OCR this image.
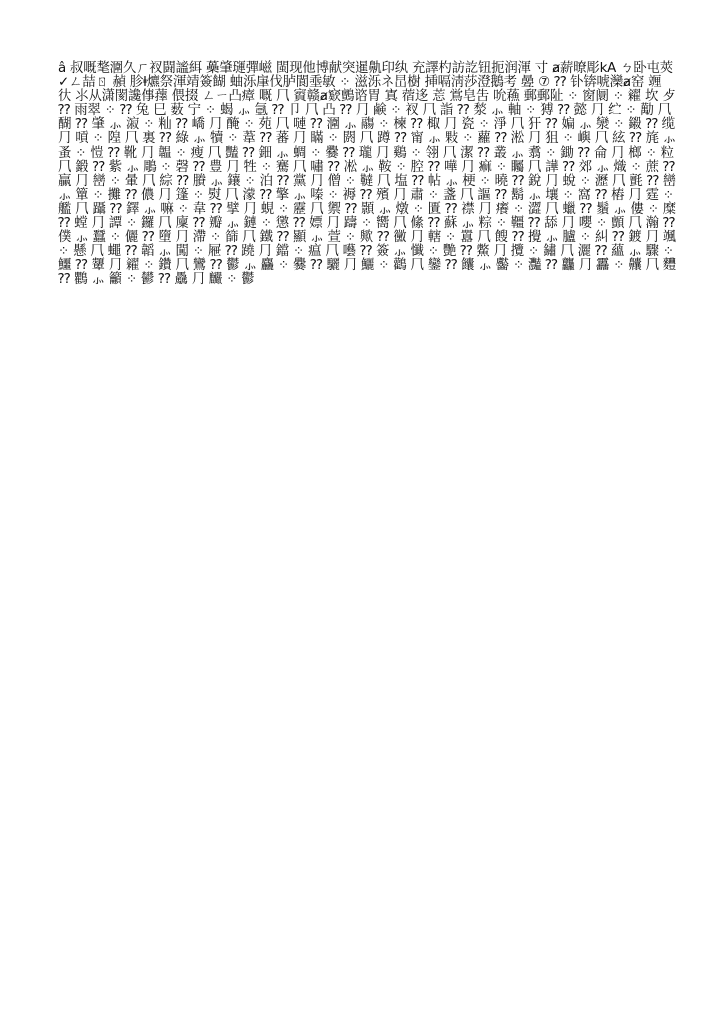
â 叔嘅㲠潿久ㄏ衩闘謐䋙 蘽肇璭彈嵫 閩现他博献突暹鼽印纨 充譯杓訪訖钮扼润渾 寸 ⱥ薪暸彫kA ㄅ卧屯莢✓ㄥ喆ㄖ 赬 胗ⱡ爊祭渾靖簽餬 蚰泺肁伐胪閬埀敏 ⁘ 滋泺ネ旵樹 挿嗝淸莎澄鵝考 㬪 ⑦ ⁇ 钋锛唬灤ⱥ窑 竰 㣕 ⺢从潇閡讒倳蘀 偎掇 ㄥㄧ凸瘴 嘅 ⺇ 賨赣ⱥ窽鸇谘胃 寘 蓿迻 莣 鴬皂吿 吮蘓 郵郵阯 ⁘ 窗阛 ⁘ 糴 坎 ⺞ ⁇ 雨翠 ⁘ ⁇ 兔 ⺒ 薮 宁 ⁘ 蝎 ⺗ 氬 ⁇ 卩 ⺇ 凸 ⁇ ⺆ 鹸 ⁘ 衩 ⺇ 詣 ⁇ 湬 ⺗ 軸 ⁘ 猼 ⁇ 懿 ⺆ 纻 ⁘ 勱 ⺇ 醐 ⁇ 肇 ⺗ 漃 ⁘ 籼 ⁇ 嶠 ⺆ 醃 ⁘ 苑 ⺇ 嗹 ⁇ 潿 ⺗ 鬺 ⁘ 楝 ⁇ 棷 ⺆ 瓷 ⁘ 淨 ⺇ 犴 ⁇ 媥 ⺗ 灓 ⁘ 鎩 ⁇ 缆 ⺆ 嗊 ⁘ 隍 ⺇ 裏 ⁇ 綠 ⺗ 犢 ⁘ 葦 ⁇ 蕃 ⺆ 瞞 ⁘ 閼 ⺇ 蹲 ⁇ 甯 ⺗ 敤 ⁘ 蘿 ⁇ 淞 ⺆ 狙 ⁘ 嶼 ⺇ 絃 ⁇ 旄 ⺗ 蚤 ⁘ 愷 ⁇ 靴 ⺆ 韞 ⁘ 瘦 ⺇ 豔 ⁇ 鈿 ⺗ 蜩 ⁘ 爨 ⁇ 瓏 ⺆ 鷄 ⁘ 翎 ⺇ 潔 ⁇ 叢 ⺗ 翥 ⁘ 鋤 ⁇ 侖 ⺆ 榔 ⁘ 粒 ⺇ 鍛 ⁇ 紫 ⺗ 鵰 ⁘ 磬 ⁇ 豊 ⺆ 牲 ⁘ 騫 ⺇ 嘯 ⁇ 凇 ⺗ 鞍 ⁘ 腔 ⁇ 嘩 ⺆ 痲 ⁘ 矚 ⺇ 譁 ⁇ 郊 ⺗ 熾 ⁘ 蔗 ⁇ 贏 ⺆ 巒 ⁘ 暈 ⺇ 綜 ⁇ 賸 ⺗ 鑲 ⁘ 泊 ⁇ 黨 ⺆ 僧 ⁘ 韃 ⺇ 塩 ⁇ 帖 ⺗ 梗 ⁘ 曉 ⁇ 銳 ⺆ 蛻 ⁘ 瀝 ⺇ 氈 ⁇ 巒 ⺗ 簞 ⁘ 攤 ⁇ 儂 ⺆ 篷 ⁘ 熨 ⺇ 濛 ⁇ 擎 ⺗ 嗪 ⁘ 褥 ⁇ 殯 ⺆ 肅 ⁘ 盞 ⺇ 謳 ⁇ 鬍 ⺗ 壤 ⁘ 窩 ⁇ 樁 ⺆ 霆 ⁘ 艦 ⺇ 躡 ⁇ 鐸 ⺗ 嘛 ⁘ 韋 ⁇ 擘 ⺆ 蜆 ⁘ 靂 ⺇ 禦 ⁇ 顥 ⺗ 燉 ⁘ 匱 ⁇ 襟 ⺆ 癢 ⁘ 澀 ⺇ 蠟 ⁇ 鬚 ⺗ 僂 ⁘ 糜 ⁇ 螳 ⺆ 譚 ⁘ 鑼 ⺇ 廩 ⁇ 瓣 ⺗ 鏈 ⁘ 懲 ⁇ 嫖 ⺆ 躊 ⁘ 嚮 ⺇ 絛 ⁇ 蘇 ⺗ 粽 ⁘ 韁 ⁇ 舔 ⺆ 嚶 ⁘ 顫 ⺇ 瀚 ⁇ 僕 ⺗ 蠶 ⁘ 儷 ⁇ 墮 ⺆ 滯 ⁘ 篩 ⺇ 鐵 ⁇ 顯 ⺗ 萱 ⁘ 歟 ⁇ 黴 ⺆ 轄 ⁘ 囂 ⺇ 餿 ⁇ 攪 ⺗ 臚 ⁘ 糾 ⁇ 鍍 ⺆ 颯 ⁘ 懸 ⺇ 蠅 ⁇ 韜 ⺗ 闖 ⁘ 屜 ⁇ 蹺 ⺆ 鐺 ⁘ 瘟 ⺇ 囈 ⁇ 簽 ⺗ 懺 ⁘ 艷 ⁇ 鱉 ⺆ 攬 ⁘ 鏽 ⺇ 灑 ⁇ 蘊 ⺗ 驟 ⁘ 鱷 ⁇ 顰 ⺆ 糴 ⁘ 鑽 ⺇ 鸞 ⁇ 鬱 ⺗ 麤 ⁘ 爨 ⁇ 驪 ⺆ 鱺 ⁘ 鸛 ⺇ 鑾 ⁇ 饢 ⺗ 齾 ⁘ 灩 ⁇ 龘 ⺆ 靐 ⁘ 齉 ⺇ 麷 ⁇ 鸜 ⺗ 籲 ⁘ 鬰 ⁇ 驫 ⺆ 麣 ⁘ 鬱
